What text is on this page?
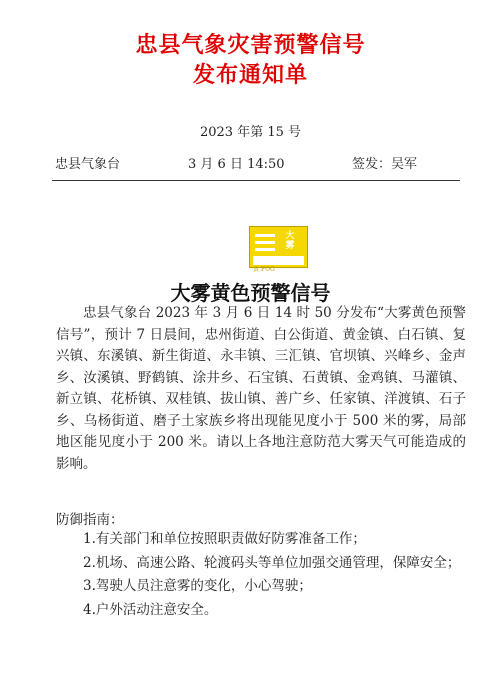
忠县气象灾害预警信号
发布通知单
2023 年第 15 号
忠县气象台	3 月 6 日 14:50	签发：吴军
大雾
黄 FOG
大雾黄色预警信号

忠县气象台 2023 年 3 月 6 日 14 时 50 分发布“大雾黄色预警信号”，预计 7 日晨间，忠州街道、白公街道、黄金镇、白石镇、复兴镇、东溪镇、新生街道、永丰镇、三汇镇、官坝镇、兴峰乡、金声乡、汝溪镇、野鹤镇、涂井乡、石宝镇、石黄镇、金鸡镇、马灌镇、新立镇、花桥镇、双桂镇、拔山镇、善广乡、任家镇、洋渡镇、石子乡、乌杨街道、磨子土家族乡将出现能见度小于 500 米的雾，局部地区能见度小于 200 米。请以上各地注意防范大雾天气可能造成的影响。

防御指南：
1.有关部门和单位按照职责做好防雾准备工作；
2.机场、高速公路、轮渡码头等单位加强交通管理，保障安全；
3.驾驶人员注意雾的变化，小心驾驶；
4.户外活动注意安全。
